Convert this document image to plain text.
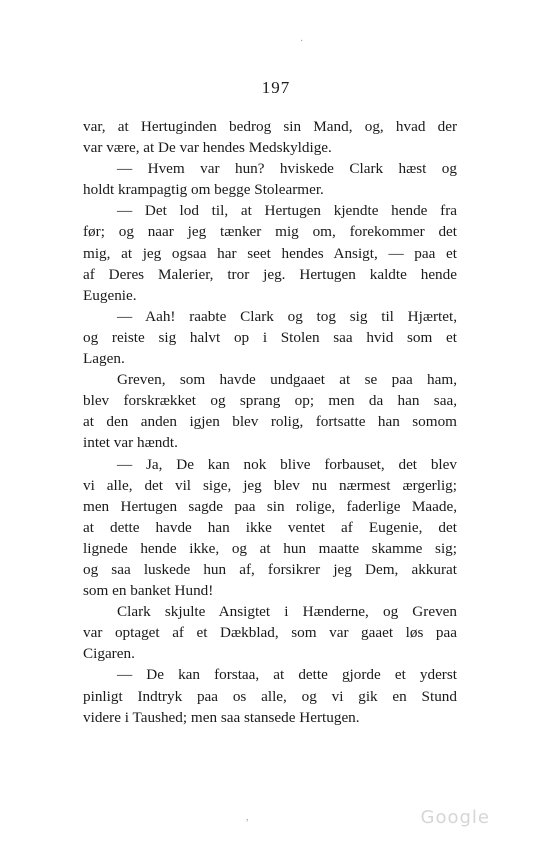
197
var, at Hertuginden bedrog sin Mand, og, hvad der
var være, at De var hendes Medskyldige.
— Hvem var hun? hviskede Clark hæst og
holdt krampagtig om begge Stolearmer.
— Det lod til, at Hertugen kjendte hende fra
før; og naar jeg tænker mig om, forekommer det
mig, at jeg ogsaa har seet hendes Ansigt, — paa et
af Deres Malerier, tror jeg. Hertugen kaldte hende
Eugenie.
— Aah! raabte Clark og tog sig til Hjærtet,
og reiste sig halvt op i Stolen saa hvid som et
Lagen.
Greven, som havde undgaaet at se paa ham,
blev forskrækket og sprang op; men da han saa,
at den anden igjen blev rolig, fortsatte han somom
intet var hændt.
— Ja, De kan nok blive forbauset, det blev
vi alle, det vil sige, jeg blev nu nærmest ærgerlig;
men Hertugen sagde paa sin rolige, faderlige Maade,
at dette havde han ikke ventet af Eugenie, det
lignede hende ikke, og at hun maatte skamme sig;
og saa luskede hun af, forsikrer jeg Dem, akkurat
som en banket Hund!
Clark skjulte Ansigtet i Hænderne, og Greven
var optaget af et Dækblad, som var gaaet løs paa
Cigaren.
— De kan forstaa, at dette gjorde et yderst
pinligt Indtryk paa os alle, og vi gik en Stund
videre i Taushed; men saa stansede Hertugen.
Google
·
,
